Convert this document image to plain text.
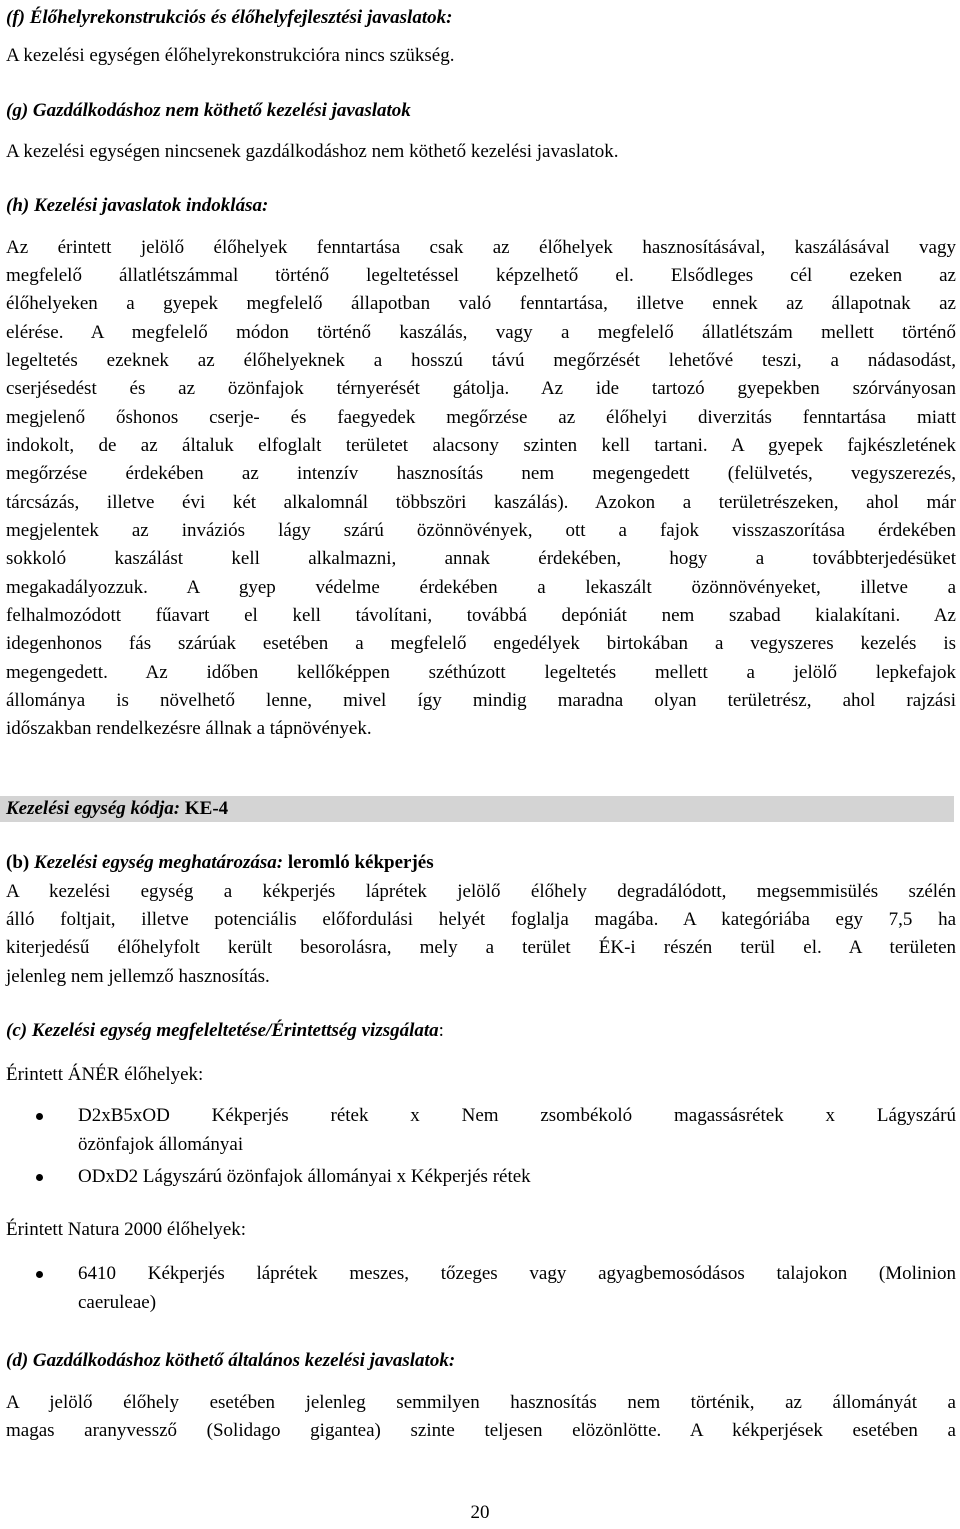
(f) Élőhelyrekonstrukciós és élőhelyfejlesztési javaslatok:
A kezelési egységen élőhelyrekonstrukcióra nincs szükség.
(g) Gazdálkodáshoz nem köthető kezelési javaslatok
A kezelési egységen nincsenek gazdálkodáshoz nem köthető kezelési javaslatok.
(h) Kezelési javaslatok indoklása:
Az érintett jelölő élőhelyek fenntartása csak az élőhelyek hasznosításával, kaszálásával vagy
megfelelő állatlétszámmal történő legeltetéssel képzelhető el. Elsődleges cél ezeken az
élőhelyeken a gyepek megfelelő állapotban való fenntartása, illetve ennek az állapotnak az
elérése. A megfelelő módon történő kaszálás, vagy a megfelelő állatlétszám mellett történő
legeltetés ezeknek az élőhelyeknek a hosszú távú megőrzését lehetővé teszi, a nádasodást,
cserjésedést és az özönfajok térnyerését gátolja. Az ide tartozó gyepekben szórványosan
megjelenő őshonos cserje- és faegyedek megőrzése az élőhelyi diverzitás fenntartása miatt
indokolt, de az általuk elfoglalt területet alacsony szinten kell tartani. A gyepek fajkészletének
megőrzése érdekében az intenzív hasznosítás nem megengedett (felülvetés, vegyszerezés,
tárcsázás, illetve évi két alkalomnál többszöri kaszálás). Azokon a területrészeken, ahol már
megjelentek az inváziós lágy szárú özönnövények, ott a fajok visszaszorítása érdekében
sokkoló kaszálást kell alkalmazni, annak érdekében, hogy a továbbterjedésüket
megakadályozzuk. A gyep védelme érdekében a lekaszált özönnövényeket, illetve a
felhalmozódott fűavart el kell távolítani, továbbá depóniát nem szabad kialakítani. Az
idegenhonos fás szárúak esetében a megfelelő engedélyek birtokában a vegyszeres kezelés is
megengedett. Az időben kellőképpen széthúzott legeltetés mellett a jelölő lepkefajok
állománya is növelhető lenne, mivel így mindig maradna olyan területrész, ahol rajzási
időszakban rendelkezésre állnak a tápnövények.
Kezelési egység kódja: KE-4
(b) Kezelési egység meghatározása: leromló kékperjés
A kezelési egység a kékperjés láprétek jelölő élőhely degradálódott, megsemmisülés szélén
álló foltjait, illetve potenciális előfordulási helyét foglalja magába. A kategóriába egy 7,5 ha
kiterjedésű élőhelyfolt került besorolásra, mely a terület ÉK-i részén terül el. A területen
jelenleg nem jellemző hasznosítás.
(c) Kezelési egység megfeleltetése/Érintettség vizsgálata:
Érintett ÁNÉR élőhelyek:
D2xB5xOD Kékperjés rétek x Nem zsombékoló magassásrétek x Lágyszárú
özönfajok állományai
ODxD2 Lágyszárú özönfajok állományai x Kékperjés rétek
Érintett Natura 2000 élőhelyek:
6410 Kékperjés láprétek meszes, tőzeges vagy agyagbemosódásos talajokon (Molinion
caeruleae)
(d) Gazdálkodáshoz köthető általános kezelési javaslatok:
A jelölő élőhely esetében jelenleg semmilyen hasznosítás nem történik, az állományát a
magas aranyvessző (Solidago gigantea) szinte teljesen elözönlötte. A kékperjések esetében a
20
